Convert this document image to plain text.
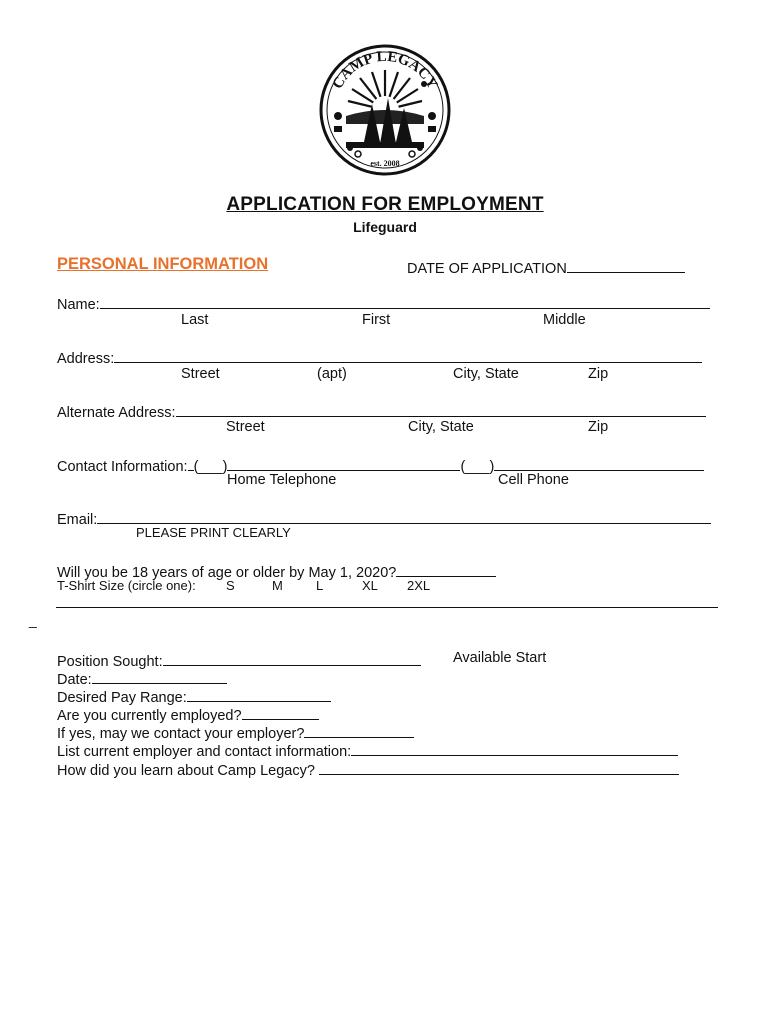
CAMP LEGACY
est. 2008
APPLICATION FOR EMPLOYMENT
Lifeguard
PERSONAL INFORMATION	DATE OF APPLICATION
Name:
Last	First	Middle
Address:
Street	(apt)	City, State	Zip
Alternate Address:
Street	City, State	Zip
Contact Information: (___)	(___)
Home Telephone	Cell Phone
Email:
PLEASE PRINT CLEARLY
Will you be 18 years of age or older by May 1, 2020?
T-Shirt Size (circle one): S	M	L	XL 2XL
_
Position Sought:	Available Start
Date:
Desired Pay Range:
Are you currently employed?
If yes, may we contact your employer?
List current employer and contact information:
How did you learn about Camp Legacy?
